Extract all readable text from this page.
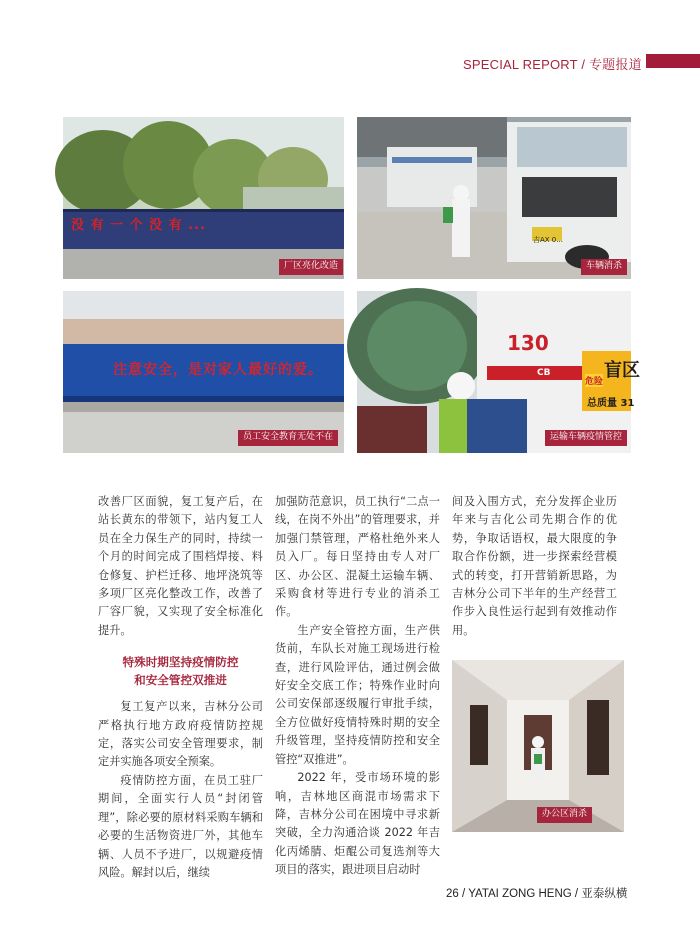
SPECIAL REPORT / 专题报道
没 有 一 个 没 有 ...
厂区亮化改造
吉AX 0...
车辆消杀
注意安全，是对家人最好的爱。
员工安全教育无处不在
130
CB
危险
盲区
总质量 31
运输车辆疫情管控

改善厂区面貌，复工复产后，在站长黄东的带领下，站内复工人员在全力保生产的同时，持续一个月的时间完成了围档焊接、料仓修复、护栏迁移、地坪浇筑等多项厂区亮化整改工作，改善了厂容厂貌，又实现了安全标准化提升。

特殊时期坚持疫情防控
和安全管控双推进

复工复产以来，吉林分公司严格执行地方政府疫情防控规定，落实公司安全管理要求，制定并实施各项安全预案。

疫情防控方面，在员工驻厂期间，全面实行人员“封闭管理”，除必要的原材料采购车辆和必要的生活物资进厂外，其他车辆、人员不予进厂，以规避疫情风险。解封以后，继续

加强防范意识，员工执行“二点一线，在岗不外出”的管理要求，并加强门禁管理，严格杜绝外来人员入厂。每日坚持由专人对厂区、办公区、混凝土运输车辆、采购食材等进行专业的消杀工作。

生产安全管控方面，生产供货前，车队长对施工现场进行检查，进行风险评估，通过例会做好安全交底工作；特殊作业时向公司安保部逐级履行审批手续，全方位做好疫情特殊时期的安全升级管理，坚持疫情防控和安全管控“双推进”。

2022 年，受市场环境的影响，吉林地区商混市场需求下降，吉林分公司在困境中寻求新突破，全力沟通洽谈 2022 年吉化丙烯腈、炬醌公司复选剂等大项目的落实，跟进项目启动时

间及入围方式，充分发挥企业历年来与吉化公司先期合作的优势，争取话语权，最大限度的争取合作份额，进一步探索经营模式的转变，打开营销新思路，为吉林分公司下半年的生产经营工作步入良性运行起到有效推动作用。

办公区消杀
26 / YATAI ZONG HENG / 亚泰纵横
